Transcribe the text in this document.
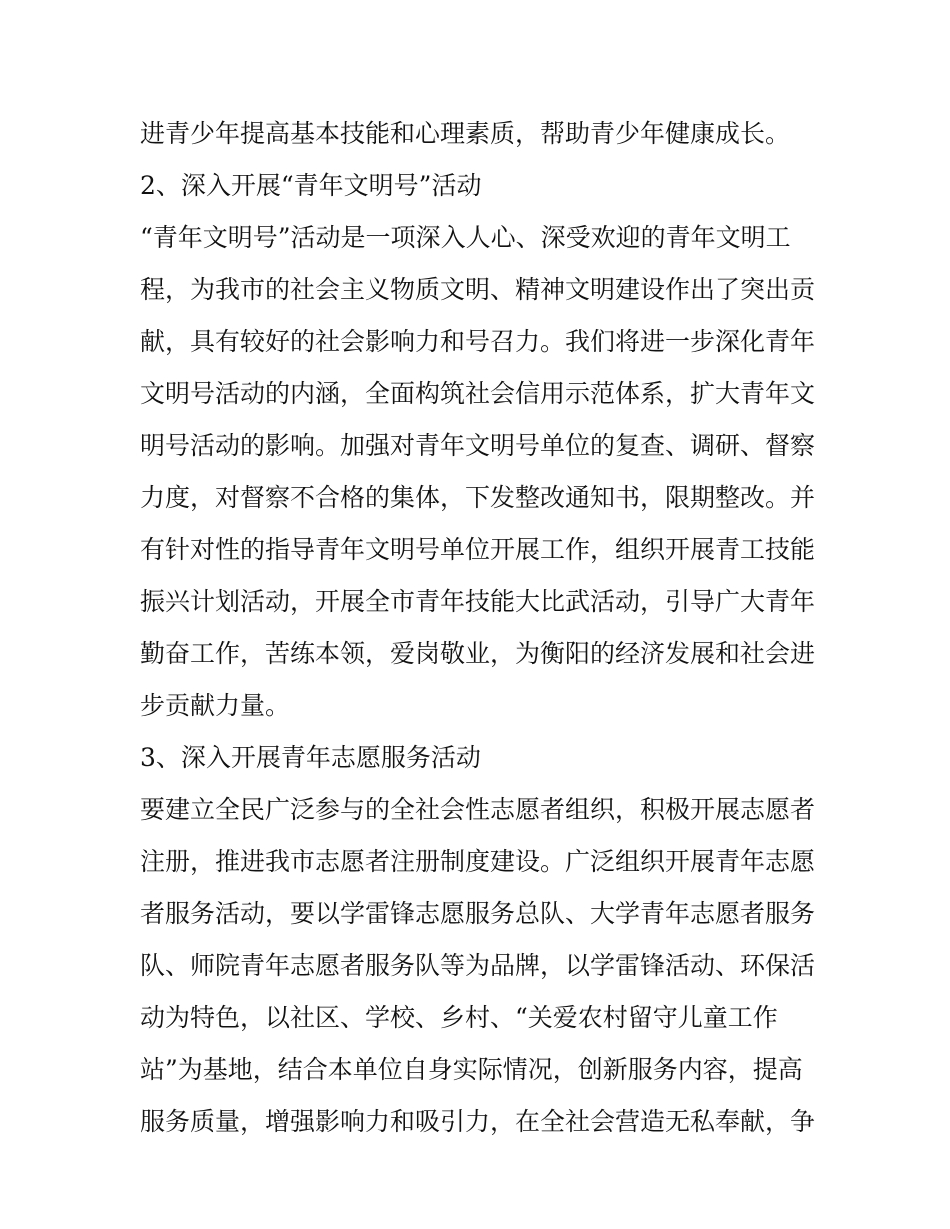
进青少年提高基本技能和心理素质，帮助青少年健康成长。
2、深入开展“青年文明号”活动
“青年文明号”活动是一项深入人心、深受欢迎的青年文明工
程，为我市的社会主义物质文明、精神文明建设作出了突出贡
献，具有较好的社会影响力和号召力。我们将进一步深化青年
文明号活动的内涵，全面构筑社会信用示范体系，扩大青年文
明号活动的影响。加强对青年文明号单位的复查、调研、督察
力度，对督察不合格的集体，下发整改通知书，限期整改。并
有针对性的指导青年文明号单位开展工作，组织开展青工技能
振兴计划活动，开展全市青年技能大比武活动，引导广大青年
勤奋工作，苦练本领，爱岗敬业，为衡阳的经济发展和社会进
步贡献力量。
3、深入开展青年志愿服务活动
要建立全民广泛参与的全社会性志愿者组织，积极开展志愿者
注册，推进我市志愿者注册制度建设。广泛组织开展青年志愿
者服务活动，要以学雷锋志愿服务总队、大学青年志愿者服务
队、师院青年志愿者服务队等为品牌，以学雷锋活动、环保活
动为特色，以社区、学校、乡村、“关爱农村留守儿童工作
站”为基地，结合本单位自身实际情况，创新服务内容，提高
服务质量，增强影响力和吸引力，在全社会营造无私奉献，争
